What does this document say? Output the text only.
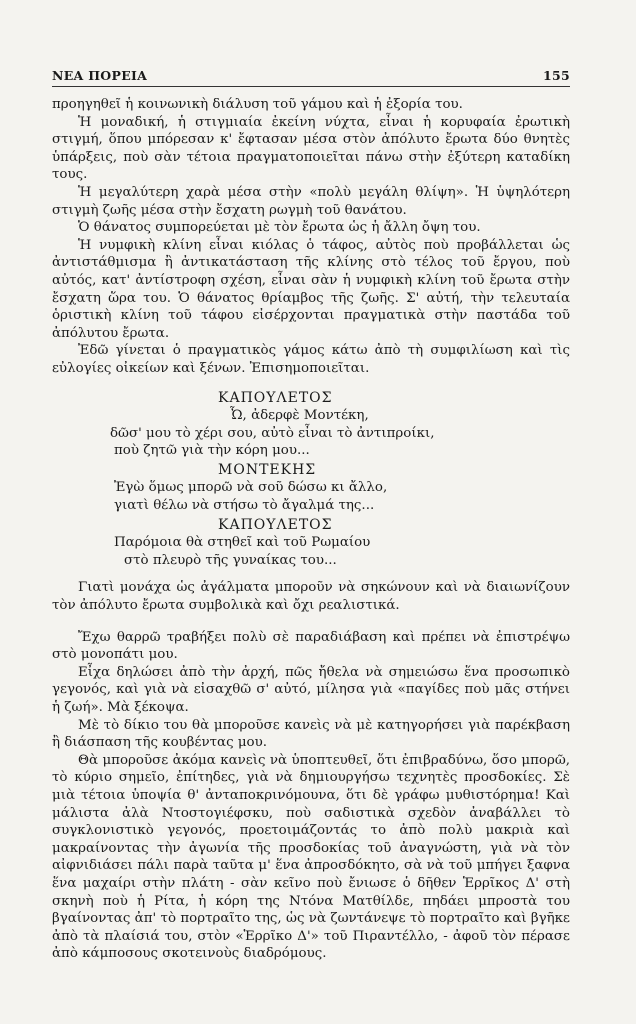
ΝΕΑ ΠΟΡΕΙΑ	155

προηγηθεῖ ἡ κοινωνικὴ διάλυση τοῦ γάμου καὶ ἡ ἐξορία του.

Ἡ μοναδική, ἡ στιγμιαία ἐκείνη νύχτα, εἶναι ἡ κορυφαία ἐρωτικὴ στιγμή, ὅπου μπόρεσαν κ' ἔφτασαν μέσα στὸν ἀπόλυτο ἔρωτα δύο θνητὲς ὑπάρξεις, ποὺ σὰν τέτοια πραγματοποιεῖται πάνω στὴν ἐξύτερη καταδίκη τους.

Ἡ μεγαλύτερη χαρὰ μέσα στὴν «πολὺ μεγάλη θλίψη». Ἡ ὑψηλότερη στιγμὴ ζωῆς μέσα στὴν ἔσχατη ρωγμὴ τοῦ θανάτου.

Ὁ θάνατος συμπορεύεται μὲ τὸν ἔρωτα ὡς ἡ ἄλλη ὄψη του.

Ἡ νυμφικὴ κλίνη εἶναι κιόλας ὁ τάφος, αὐτὸς ποὺ προβάλλεται ὡς ἀντιστάθμισμα ἢ ἀντικατάσταση τῆς κλίνης στὸ τέλος τοῦ ἔργου, ποὺ αὐτός, κατ' ἀντίστροφη σχέση, εἶναι σὰν ἡ νυμφικὴ κλίνη τοῦ ἔρωτα στὴν ἔσχατη ὥρα του. Ὁ θάνατος θρίαμβος τῆς ζωῆς. Σ' αὐτή, τὴν τελευταία ὁριστικὴ κλίνη τοῦ τάφου εἰσέρχονται πραγματικὰ στὴν παστάδα τοῦ ἀπόλυτου ἔρωτα.

Ἐδῶ γίνεται ὁ πραγματικὸς γάμος κάτω ἀπὸ τὴ συμφιλίωση καὶ τὶς εὐλογίες οἰκείων καὶ ξένων. Ἐπισημοποιεῖται.

ΚΑΠΟΥΛΕΤΟΣ
Ὦ, ἀδερφὲ Μοντέκη,
δῶσ' μου τὸ χέρι σου, αὐτὸ εἶναι τὸ ἀντιπροίκι,
ποὺ ζητῶ γιὰ τὴν κόρη μου...
ΜΟΝΤΕΚΗΣ
Ἐγὼ ὅμως μπορῶ νὰ σοῦ δώσω κι ἄλλο,
γιατὶ θέλω νὰ στήσω τὸ ἄγαλμά της...
ΚΑΠΟΥΛΕΤΟΣ
Παρόμοια θὰ στηθεῖ καὶ τοῦ Ρωμαίου
στὸ πλευρὸ τῆς γυναίκας του...

Γιατὶ μονάχα ὡς ἀγάλματα μποροῦν νὰ σηκώνουν καὶ νὰ διαιωνίζουν τὸν ἀπόλυτο ἔρωτα συμβολικὰ καὶ ὄχι ρεαλιστικά.

Ἔχω θαρρῶ τραβήξει πολὺ σὲ παραδιάβαση καὶ πρέπει νὰ ἐπιστρέψω στὸ μονοπάτι μου.

Εἶχα δηλώσει ἀπὸ τὴν ἀρχή, πῶς ἤθελα νὰ σημειώσω ἕνα προσωπικὸ γεγονός, καὶ γιὰ νὰ εἰσαχθῶ σ' αὐτό, μίλησα γιὰ «παγίδες ποὺ μᾶς στήνει ἡ ζωή». Μὰ ξέκοψα.

Μὲ τὸ δίκιο του θὰ μποροῦσε κανεὶς νὰ μὲ κατηγορήσει γιὰ παρέκβαση ἢ διάσπαση τῆς κουβέντας μου.

Θὰ μποροῦσε ἀκόμα κανεὶς νὰ ὑποπτευθεῖ, ὅτι ἐπιβραδύνω, ὅσο μπορῶ, τὸ κύριο σημεῖο, ἐπίτηδες, γιὰ νὰ δημιουργήσω τεχνητὲς προσδοκίες. Σὲ μιὰ τέτοια ὑποψία θ' ἀνταποκρινόμουνα, ὅτι δὲ γράφω μυθιστόρημα! Καὶ μάλιστα ἀλὰ Ντοστογιέφσκυ, ποὺ σαδιστικὰ σχεδὸν ἀναβάλλει τὸ συγκλονιστικὸ γεγονός, προετοιμάζοντάς το ἀπὸ πολὺ μακριὰ καὶ μακραίνοντας τὴν ἀγωνία τῆς προσδοκίας τοῦ ἀναγνώστη, γιὰ νὰ τὸν αἰφνιδιάσει πάλι παρὰ ταῦτα μ' ἕνα ἀπροσδόκητο, σὰ νὰ τοῦ μπήγει ξαφνα ἕνα μαχαίρι στὴν πλάτη - σὰν κεῖνο ποὺ ἔνιωσε ὁ δῆθεν Ἑρρῖκος Δ' στὴ σκηνὴ ποὺ ἡ Ρίτα, ἡ κόρη της Ντόνα Ματθίλδε, πηδάει μπροστὰ του βγαίνοντας ἀπ' τὸ πορτραῖτο της, ὡς νὰ ζωντάνεψε τὸ πορτραῖτο καὶ βγῆκε ἀπὸ τὰ πλαίσιά του, στὸν «Ἑρρῖκο Δ'» τοῦ Πιραντέλλο, - ἀφοῦ τὸν πέρασε ἀπὸ κάμποσους σκοτεινοὺς διαδρόμους.
